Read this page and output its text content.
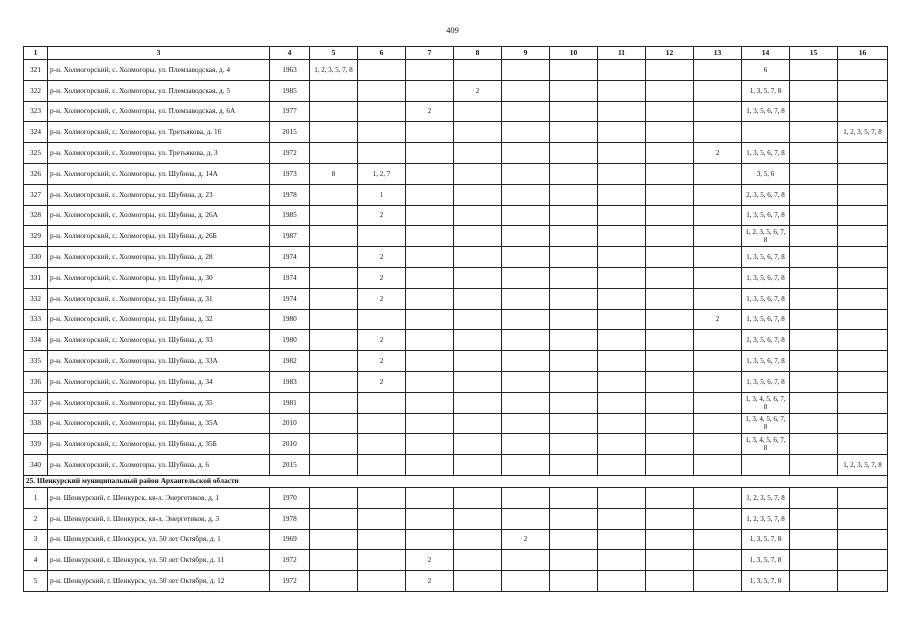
409
1	3	4	5	6	7	8	9	10	11	12	13	14	15	16
321	р-н. Холмогорский, с. Холмогоры, ул. Племзаводская, д. 4	1963	1, 2, 3, 5, 7, 8									6		
322	р-н. Холмогорский, с. Холмогоры, ул. Племзаводская, д. 5	1985				2						1, 3, 5, 7, 8		
323	р-н. Холмогорский, с. Холмогоры, ул. Племзаводская, д. 6А	1977			2							1, 3, 5, 6, 7, 8		
324	р-н. Холмогорский, с. Холмогоры, ул. Третьякова, д. 16	2015												1, 2, 3, 5, 7, 8
325	р-н. Холмогорский, с. Холмогоры, ул. Третьякова, д. 3	1972									2	1, 3, 5, 6, 7, 8		
326	р-н. Холмогорский, с. Холмогоры, ул. Шубина, д. 14А	1973	8	1, 2, 7								3, 5, 6		
327	р-н. Холмогорский, с. Холмогоры, ул. Шубина, д. 23	1978		1								2, 3, 5, 6, 7, 8		
328	р-н. Холмогорский, с. Холмогоры, ул. Шубина, д. 26А	1985		2								1, 3, 5, 6, 7, 8		
329	р-н. Холмогорский, с. Холмогоры, ул. Шубина, д. 26Б	1987										1, 2, 3, 5, 6, 7, 8		
330	р-н. Холмогорский, с. Холмогоры, ул. Шубина, д. 28	1974		2								1, 3, 5, 6, 7, 8		
331	р-н. Холмогорский, с. Холмогоры, ул. Шубина, д. 30	1974		2								1, 3, 5, 6, 7, 8		
332	р-н. Холмогорский, с. Холмогоры, ул. Шубина, д. 31	1974		2								1, 3, 5, 6, 7, 8		
333	р-н. Холмогорский, с. Холмогоры, ул. Шубина, д. 32	1980									2	1, 3, 5, 6, 7, 8		
334	р-н. Холмогорский, с. Холмогоры, ул. Шубина, д. 33	1980		2								1, 3, 5, 6, 7, 8		
335	р-н. Холмогорский, с. Холмогоры, ул. Шубина, д. 33А	1982		2								1, 3, 5, 6, 7, 8		
336	р-н. Холмогорский, с. Холмогоры, ул. Шубина, д. 34	1983		2								1, 3, 5, 6, 7, 8		
337	р-н. Холмогорский, с. Холмогоры, ул. Шубина, д. 35	1981										1, 3, 4, 5, 6, 7, 8		
338	р-н. Холмогорский, с. Холмогоры, ул. Шубина, д. 35А	2010										1, 3, 4, 5, 6, 7, 8		
339	р-н. Холмогорский, с. Холмогоры, ул. Шубина, д. 35Б	2010										1, 3, 4, 5, 6, 7, 8		
340	р-н. Холмогорский, с. Холмогоры, ул. Шубина, д. 6	2015												1, 2, 3, 5, 7, 8
25. Шенкурский муниципальный район Архангельской области														
1	р-н. Шенкурский, г. Шенкурск, кв-л. Энергетиков, д. 1	1970										1, 2, 3, 5, 7, 8		
2	р-н. Шенкурский, г. Шенкурск, кв-л. Энергетиков, д. 3	1978										1, 2, 3, 5, 7, 8		
3	р-н. Шенкурский, г. Шенкурск, ул. 50 лет Октября, д. 1	1969					2					1, 3, 5, 7, 8		
4	р-н. Шенкурский, г. Шенкурск, ул. 50 лет Октября, д. 11	1972			2							1, 3, 5, 7, 8		
5	р-н. Шенкурский, г. Шенкурск, ул. 50 лет Октября, д. 12	1972			2							1, 3, 5, 7, 8		
